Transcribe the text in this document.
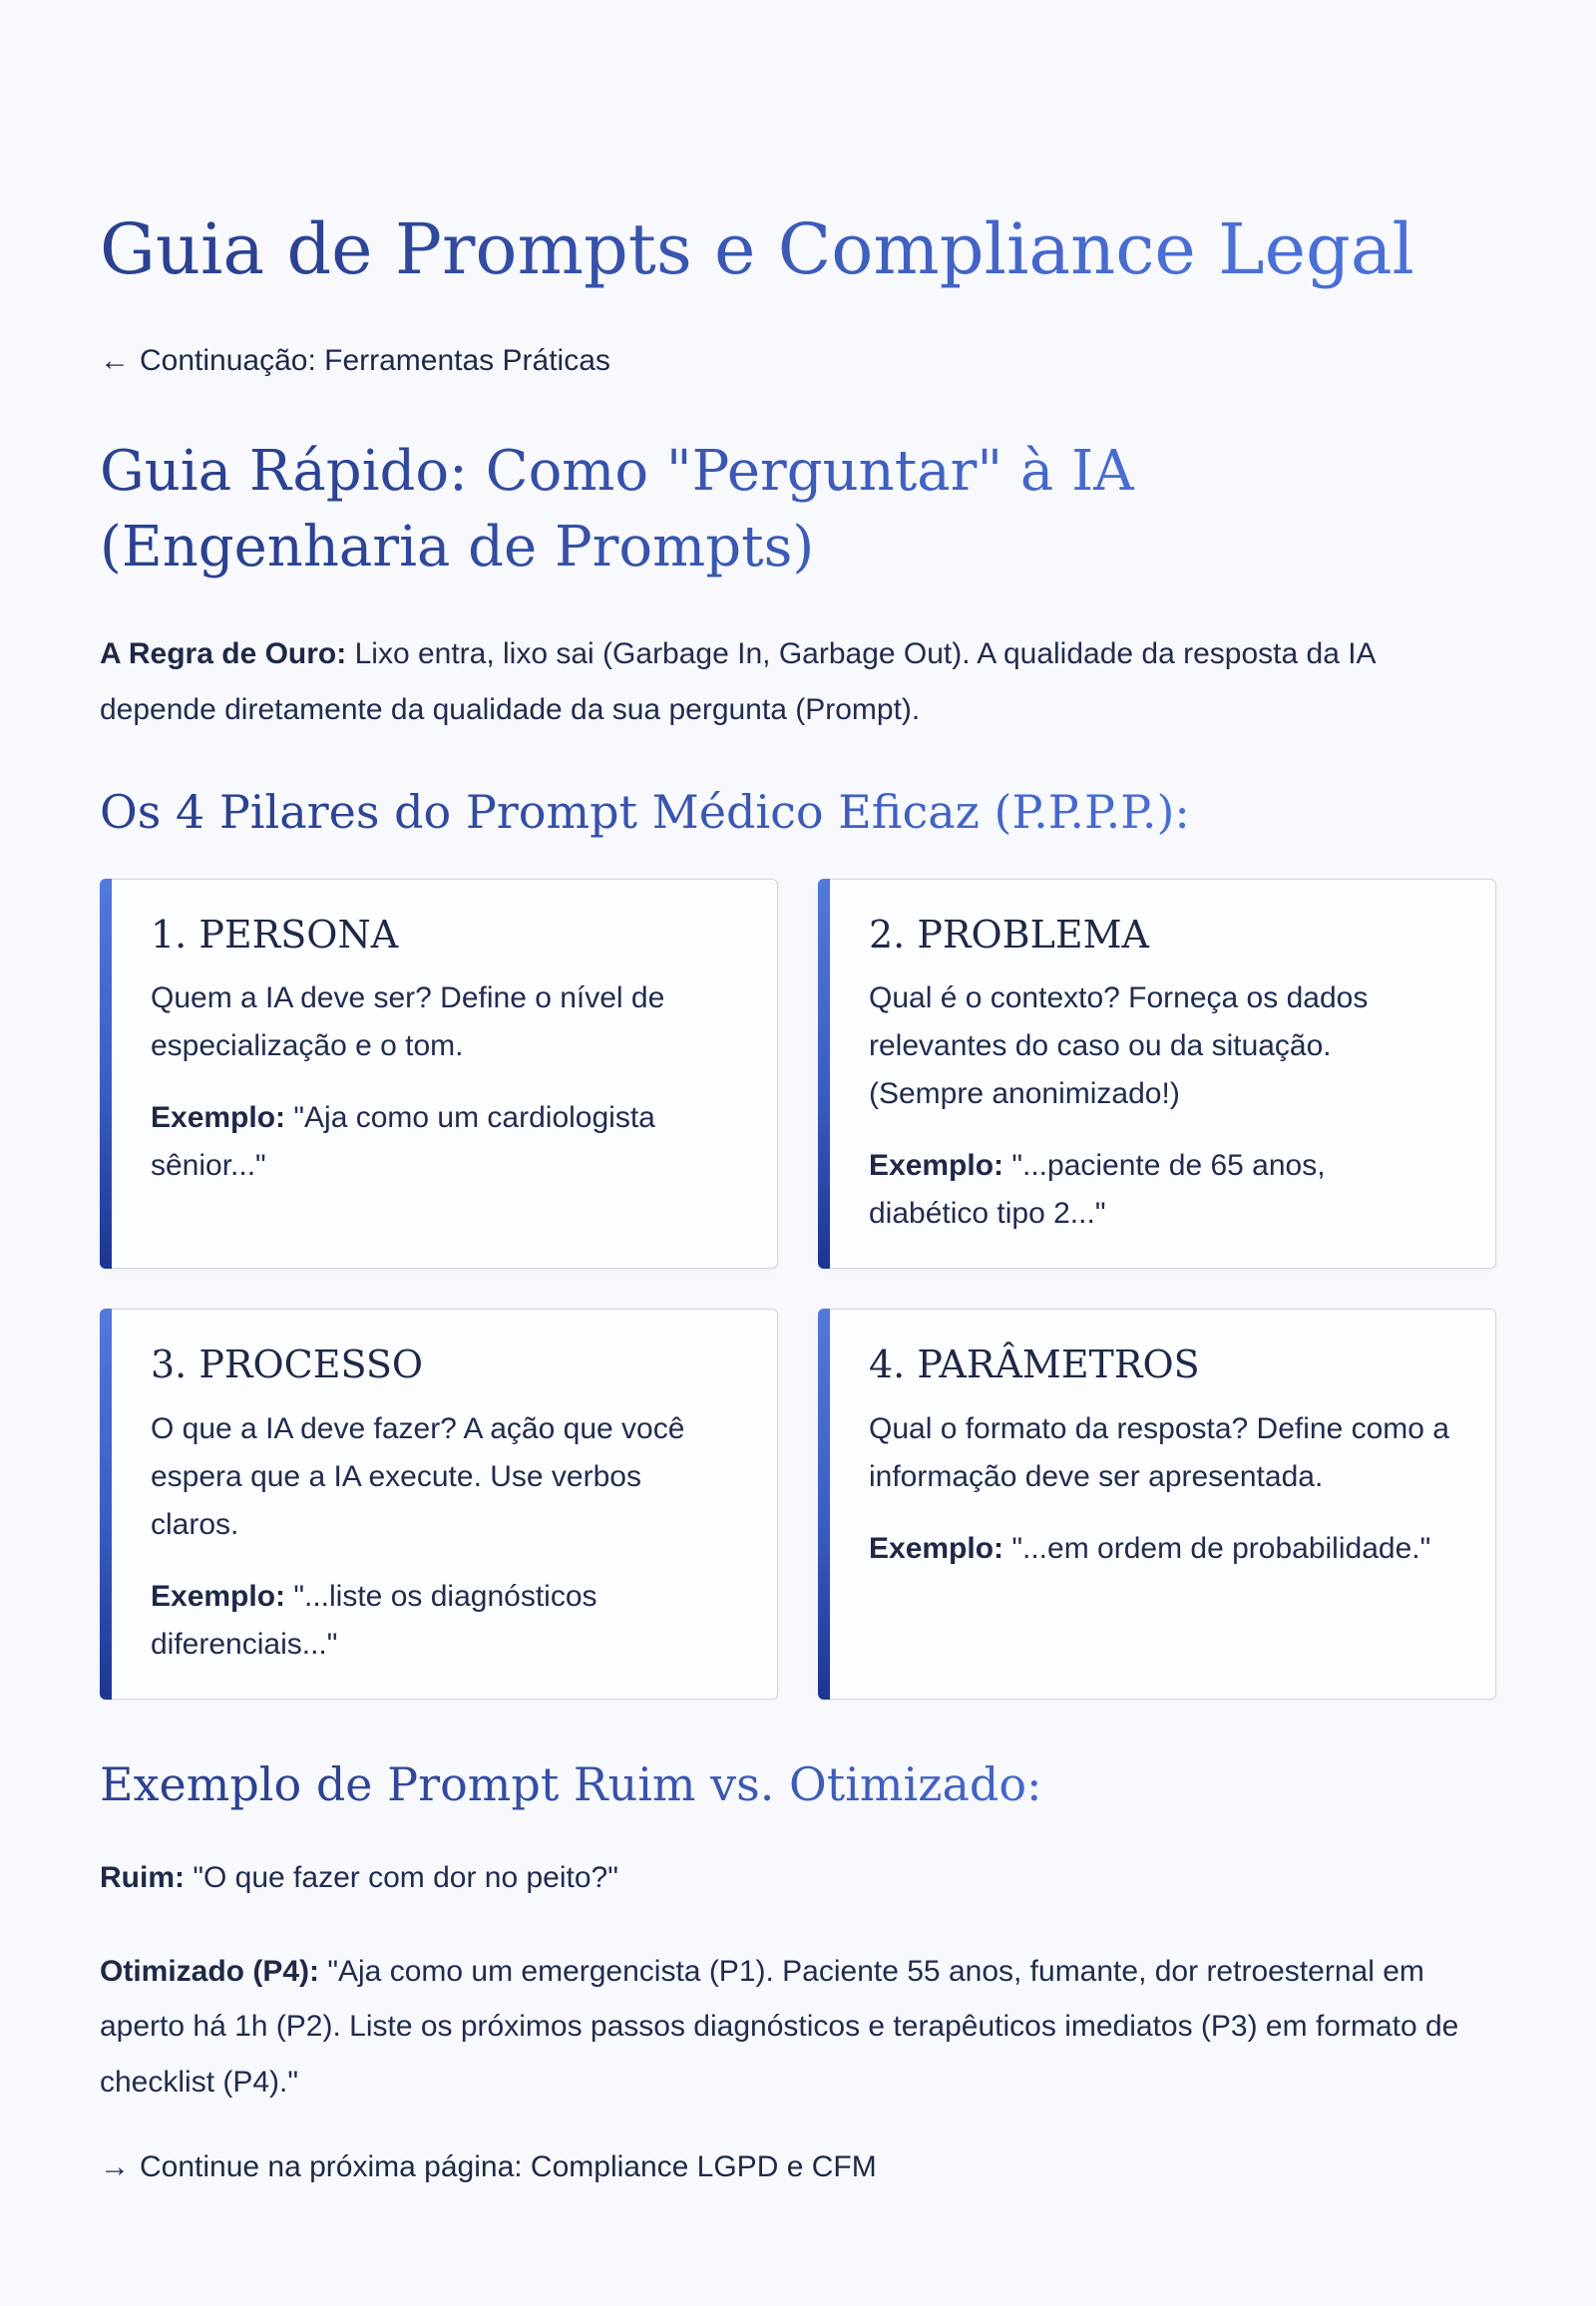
Guia de Prompts e Compliance Legal

← Continuação: Ferramentas Práticas

Guia Rápido: Como "Perguntar" à IA (Engenharia de Prompts)

A Regra de Ouro: Lixo entra, lixo sai (Garbage In, Garbage Out). A qualidade da resposta da IA depende diretamente da qualidade da sua pergunta (Prompt).

Os 4 Pilares do Prompt Médico Eficaz (P.P.P.P.):
1. PERSONA

Quem a IA deve ser? Define o nível de especialização e o tom.

Exemplo: "Aja como um cardiologista sênior..."

2. PROBLEMA

Qual é o contexto? Forneça os dados relevantes do caso ou da situação. (Sempre anonimizado!)

Exemplo: "...paciente de 65 anos, diabético tipo 2..."

3. PROCESSO

O que a IA deve fazer? A ação que você espera que a IA execute. Use verbos claros.

Exemplo: "...liste os diagnósticos diferenciais..."

4. PARÂMETROS

Qual o formato da resposta? Define como a informação deve ser apresentada.

Exemplo: "...em ordem de probabilidade."

Exemplo de Prompt Ruim vs. Otimizado:

Ruim: "O que fazer com dor no peito?"

Otimizado (P4): "Aja como um emergencista (P1). Paciente 55 anos, fumante, dor retroesternal em aperto há 1h (P2). Liste os próximos passos diagnósticos e terapêuticos imediatos (P3) em formato de checklist (P4)."

→ Continue na próxima página: Compliance LGPD e CFM
